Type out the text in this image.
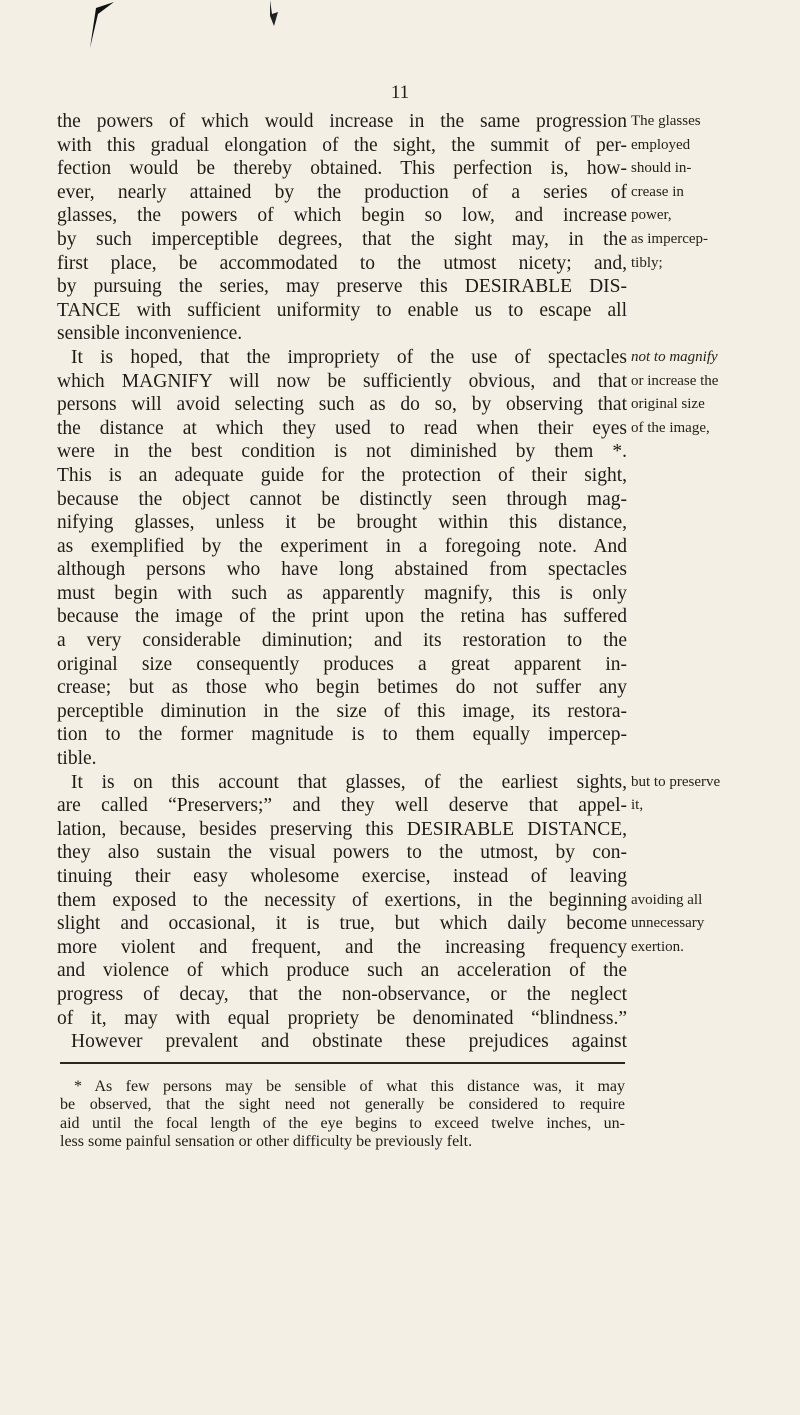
11
the powers of which would increase in the same progression The glasses
with this gradual elongation of the sight, the summit of per- employed
fection would be thereby obtained. This perfection is, how- should in-
ever, nearly attained by the production of a series of crease in
glasses, the powers of which begin so low, and increase power,
by such imperceptible degrees, that the sight may, in the as impercep-
first place, be accommodated to the utmost nicety; and, tibly;
by pursuing the series, may preserve this DESIRABLE DIS-
TANCE with sufficient uniformity to enable us to escape all
sensible inconvenience.
It is hoped, that the impropriety of the use of spectacles not to magnify
which MAGNIFY will now be sufficiently obvious, and that or increase the
persons will avoid selecting such as do so, by observing that original size
the distance at which they used to read when their eyes of the image,
were in the best condition is not diminished by them *.
This is an adequate guide for the protection of their sight,
because the object cannot be distinctly seen through mag-
nifying glasses, unless it be brought within this distance,
as exemplified by the experiment in a foregoing note. And
although persons who have long abstained from spectacles
must begin with such as apparently magnify, this is only
because the image of the print upon the retina has suffered
a very considerable diminution; and its restoration to the
original size consequently produces a great apparent in-
crease; but as those who begin betimes do not suffer any
perceptible diminution in the size of this image, its restora-
tion to the former magnitude is to them equally impercep-
tible.
It is on this account that glasses, of the earliest sights, but to preserve
are called “Preservers;” and they well deserve that appel- it,
lation, because, besides preserving this DESIRABLE DISTANCE,
they also sustain the visual powers to the utmost, by con-
tinuing their easy wholesome exercise, instead of leaving
them exposed to the necessity of exertions, in the beginning avoiding all
slight and occasional, it is true, but which daily become unnecessary
more violent and frequent, and the increasing frequency exertion.
and violence of which produce such an acceleration of the
progress of decay, that the non-observance, or the neglect
of it, may with equal propriety be denominated “blindness.”
However prevalent and obstinate these prejudices against
* As few persons may be sensible of what this distance was, it may
be observed, that the sight need not generally be considered to require
aid until the focal length of the eye begins to exceed twelve inches, un-
less some painful sensation or other difficulty be previously felt.
